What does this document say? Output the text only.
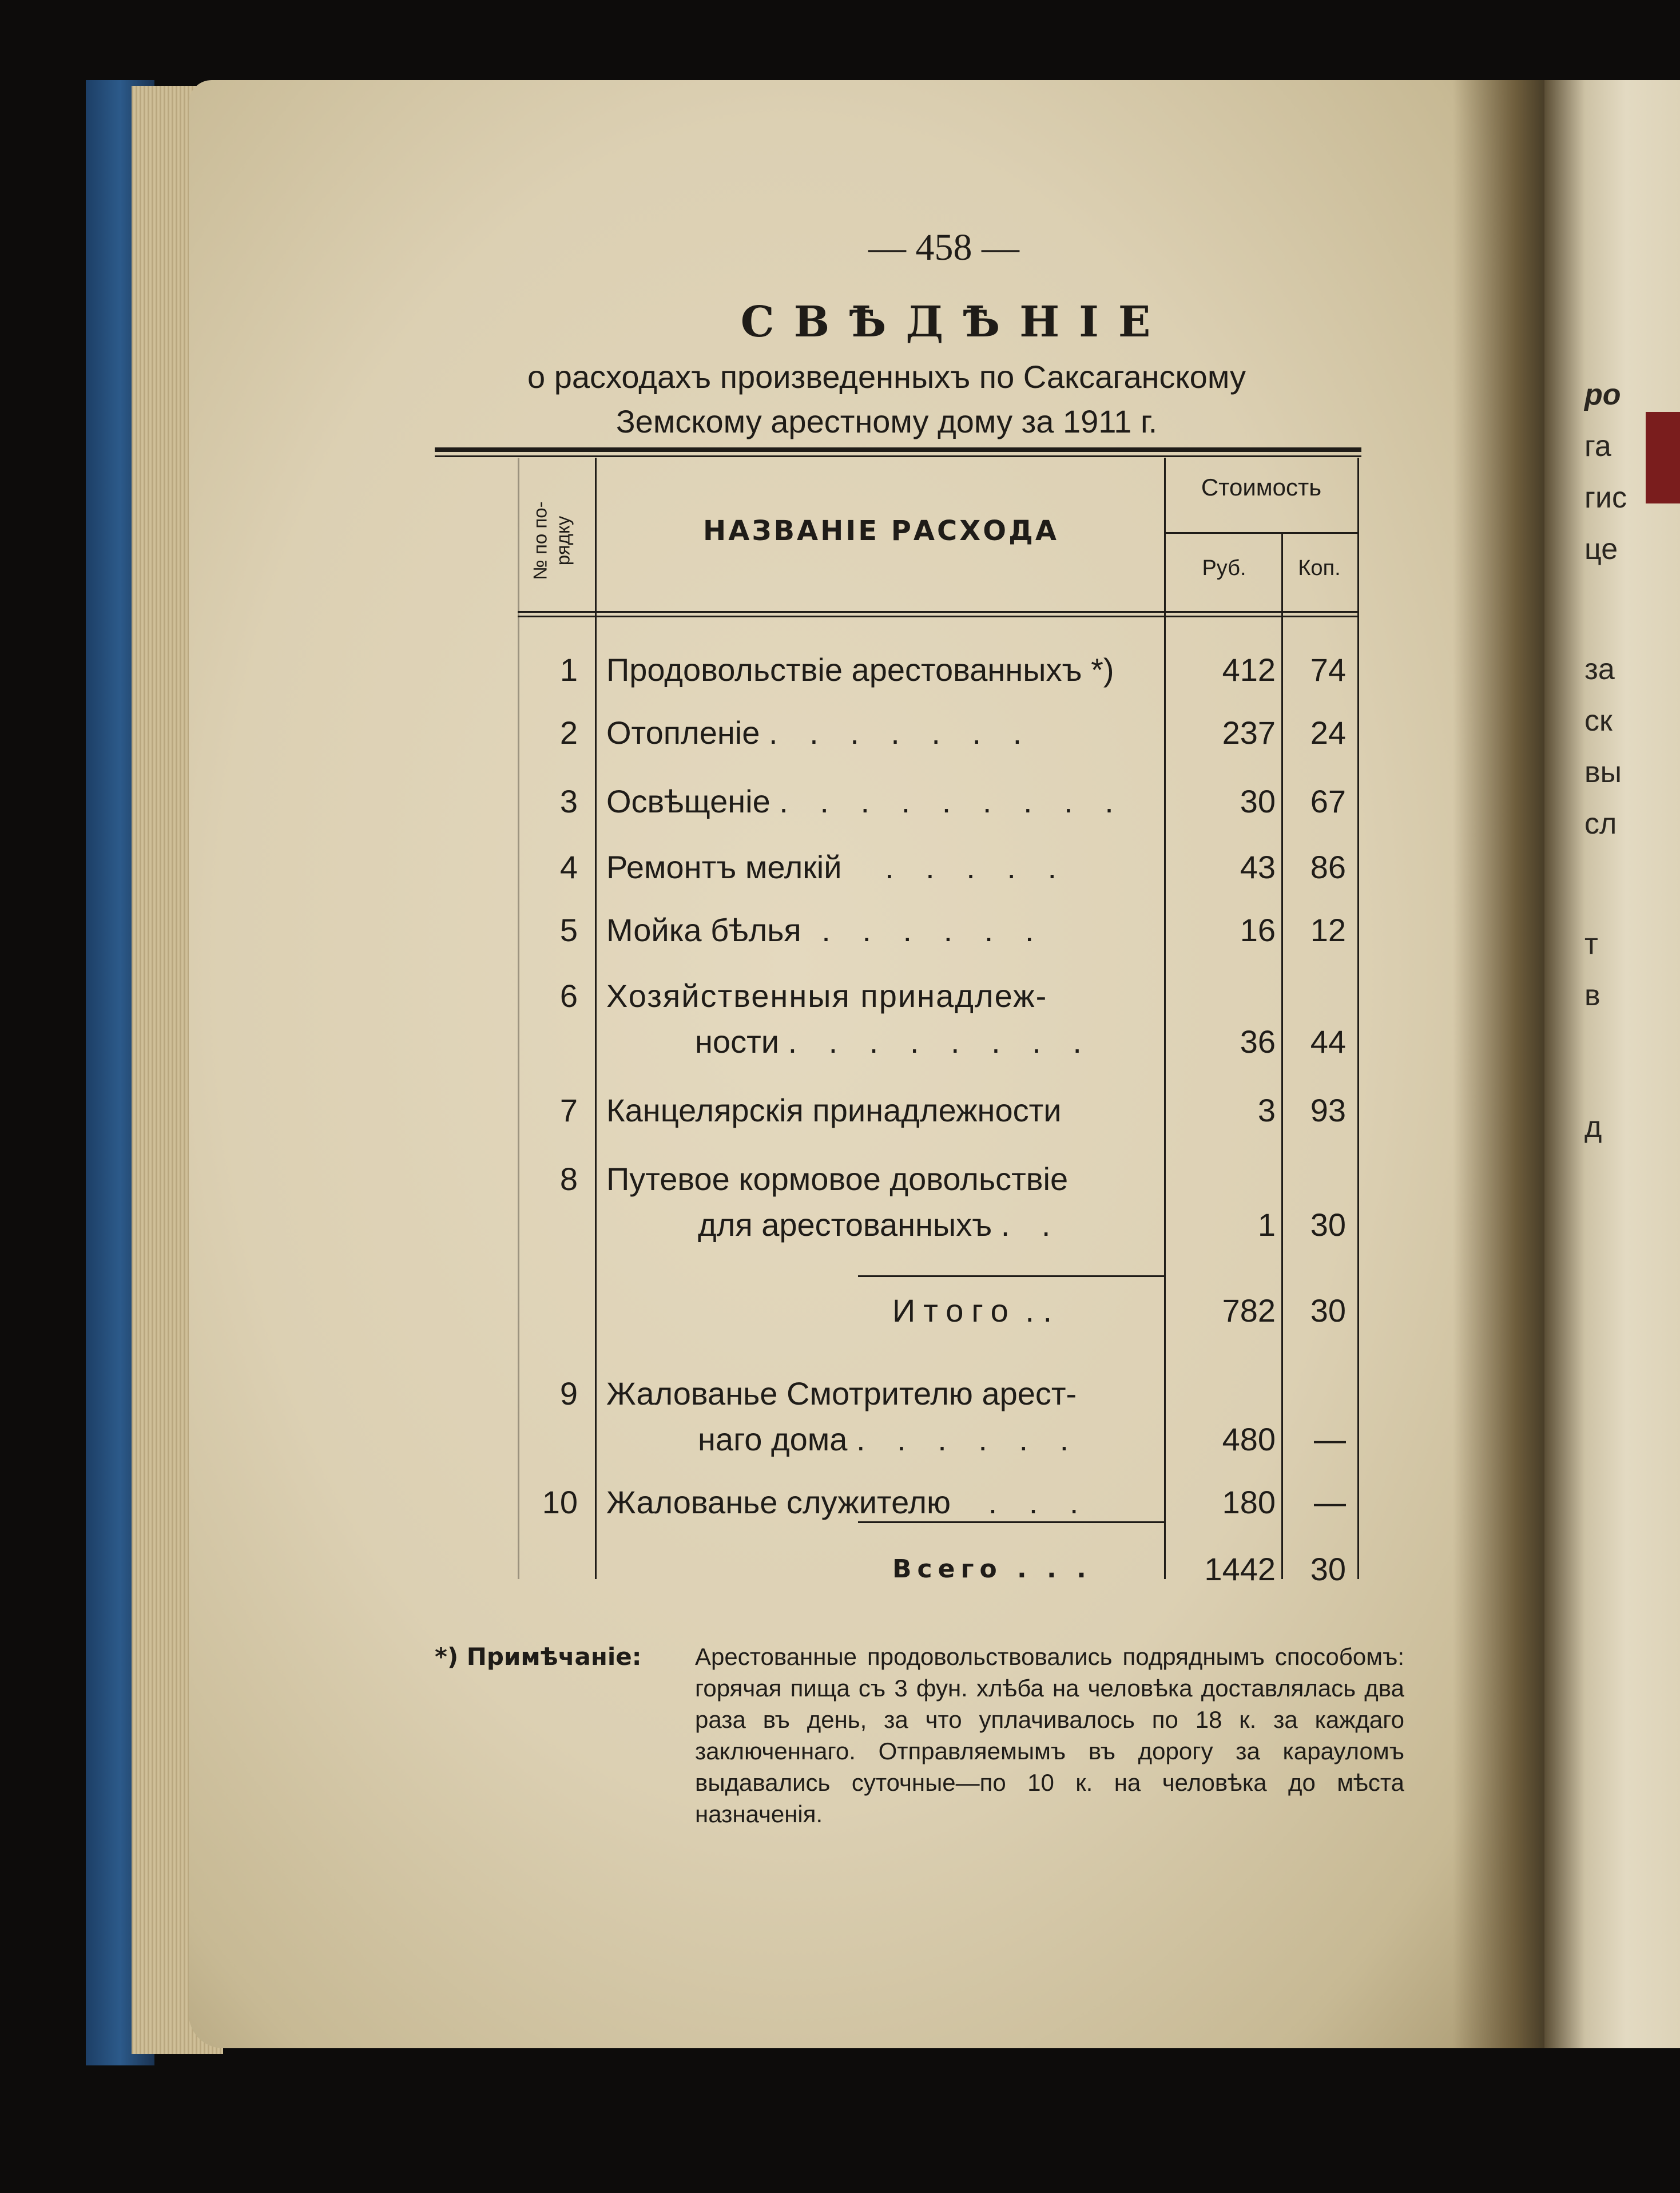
ро
га
гис
це
за
ск
вы
сл
т
в
д
— 458 —
СВѢДѢНІЕ
о расходахъ произведенныхъ по Саксаганскому
Земскому арестному дому за 1911 г.
№ по по-
рядку	НАЗВАНІЕ РАСХОДА
Стоимость
Руб.	Коп.
1 Продовольствіе арестованныхъ *)	412	74
2 Отопленіе . . . . . . .	237	24
3 Освѣщеніе . . . . . . . . .	30	67
4 Ремонтъ мелкій . . . . .	43	86
5 Мойка бѣлья . . . . . .	16	12
6 Хозяйственныя принадлеж-
ности . . . . . . . .	36	44
7 Канцелярскія принадлежности	3	93
8 Путевое кормовое довольствіе
для арестованныхъ . .	1	30
Итого . .	782	30
9 Жалованье Смотрителю арест-
наго дома . . . . . .	480	—
10 Жалованье служителю . . .	180	—
Всего . . .	1442	30
*) Примѣчаніе: Арестованные продовольствовались подряднымъ способомъ: горячая пища съ 3 фун. хлѣба на человѣка доставлялась два раза въ день, за что уплачивалось по 18 к. за каждаго заключеннаго. Отправляемымъ въ дорогу за карауломъ выдавались суточные—по 10 к. на человѣка до мѣста назначенія.
